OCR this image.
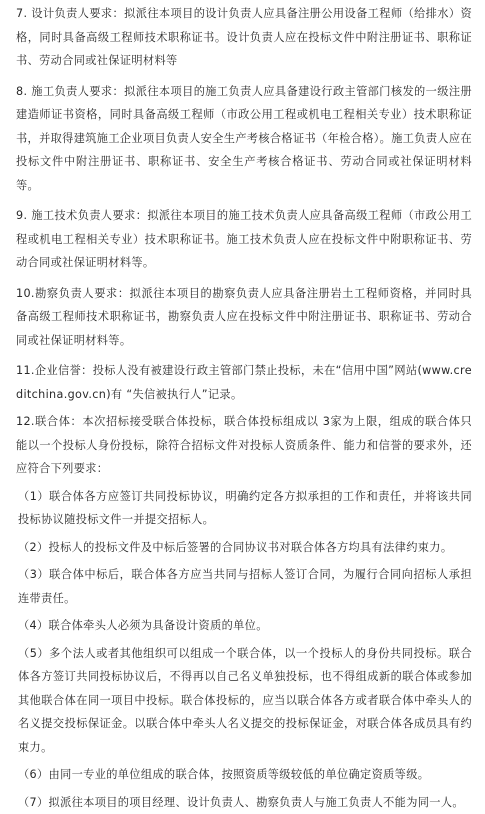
7. 设计负责人要求：拟派往本项目的设计负责人应具备注册公用设备工程师（给排水）资格，同时具备高级工程师技术职称证书。设计负责人应在投标文件中附注册证书、职称证书、劳动合同或社保证明材料等

8. 施工负责人要求：拟派往本项目的施工负责人应具备建设行政主管部门核发的一级注册建造师证书资格，同时具备高级工程师（市政公用工程或机电工程相关专业）技术职称证书，并取得建筑施工企业项目负责人安全生产考核合格证书（年检合格）。施工负责人应在投标文件中附注册证书、职称证书、安全生产考核合格证书、劳动合同或社保证明材料等。

9. 施工技术负责人要求：拟派往本项目的施工技术负责人应具备高级工程师（市政公用工程或机电工程相关专业）技术职称证书。施工技术负责人应在投标文件中附职称证书、劳动合同或社保证明材料等。

10.勘察负责人要求：拟派往本项目的勘察负责人应具备注册岩土工程师资格，并同时具备高级工程师技术职称证书，勘察负责人应在投标文件中附注册证书、职称证书、劳动合同或社保证明材料等。

11.企业信誉：投标人没有被建设行政主管部门禁止投标，未在“信用中国”网站(www.creditchina.gov.cn)有 “失信被执行人”记录。

12.联合体：本次招标接受联合体投标，联合体投标组成以 3家为上限，组成的联合体只能以一个投标人身份投标，除符合招标文件对投标人资质条件、能力和信誉的要求外，还应符合下列要求：

（1）联合体各方应签订共同投标协议，明确约定各方拟承担的工作和责任，并将该共同投标协议随投标文件一并提交招标人。

（2）投标人的投标文件及中标后签署的合同协议书对联合体各方均具有法律约束力。

（3）联合体中标后，联合体各方应当共同与招标人签订合同，为履行合同向招标人承担连带责任。

（4）联合体牵头人必须为具备设计资质的单位。

（5）多个法人或者其他组织可以组成一个联合体，以一个投标人的身份共同投标。联合体各方签订共同投标协议后，不得再以自己名义单独投标，也不得组成新的联合体或参加其他联合体在同一项目中投标。联合体投标的，应当以联合体各方或者联合体中牵头人的名义提交投标保证金。以联合体中牵头人名义提交的投标保证金，对联合体各成员具有约束力。

（6）由同一专业的单位组成的联合体，按照资质等级较低的单位确定资质等级。

（7）拟派往本项目的项目经理、设计负责人、勘察负责人与施工负责人不能为同一人。
